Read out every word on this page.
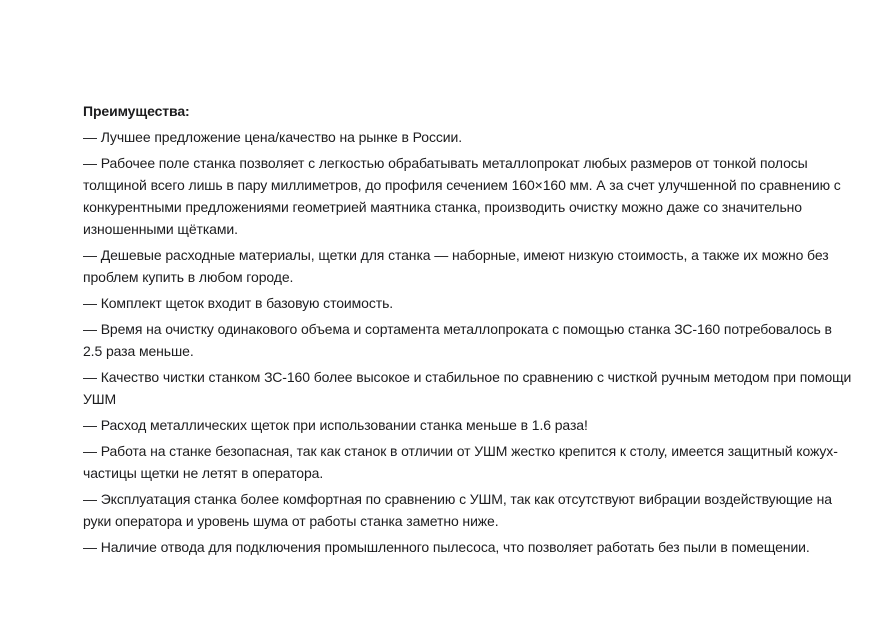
Преимущества:

— Лучшее предложение цена/качество на рынке в России.

— Рабочее поле станка позволяет с легкостью обрабатывать металлопрокат любых размеров от тонкой полосы толщиной всего лишь в пару миллиметров, до профиля сечением 160×160 мм. А за счет улучшенной по сравнению с конкурентными предложениями геометрией маятника станка, производить очистку можно даже со значительно изношенными щётками.

— Дешевые расходные материалы, щетки для станка — наборные, имеют низкую стоимость, а также их можно без проблем купить в любом городе.

— Комплект щеток входит в базовую стоимость.

— Время на очистку одинакового объема и сортамента металлопроката с помощью станка ЗС-160 потребовалось в 2.5 раза меньше.

— Качество чистки станком ЗС-160 более высокое и стабильное по сравнению с чисткой ручным методом при помощи УШМ

— Расход металлических щеток при использовании станка меньше в 1.6 раза!

— Работа на станке безопасная, так как станок в отличии от УШМ жестко крепится к столу, имеется защитный кожух- частицы щетки не летят в оператора.

— Эксплуатация станка более комфортная по сравнению с УШМ, так как отсутствуют вибрации воздействующие на руки оператора и уровень шума от работы станка заметно ниже.

— Наличие отвода для подключения промышленного пылесоса, что позволяет работать без пыли в помещении.
